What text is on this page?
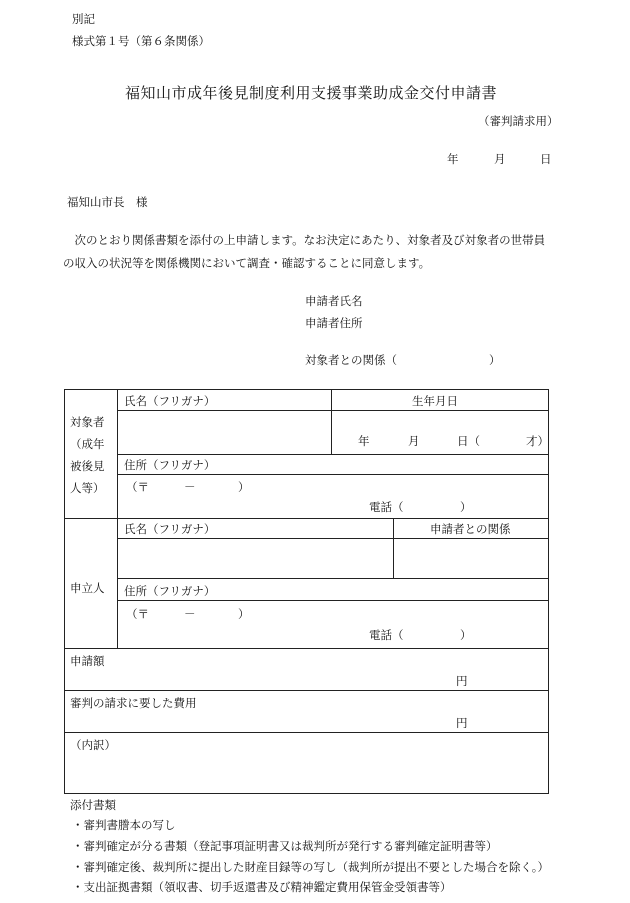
別記
様式第１号（第６条関係）
福知山市成年後見制度利用支援事業助成金交付申請書
（審判請求用）
年	月	日
福知山市長　様
　次のとおり関係書類を添付の上申請します。なお決定にあたり、対象者及び対象者の世帯員の収入の状況等を関係機関において調査・確認することに同意します。
申請者氏名
申請者住所
対象者との関係（	）
対象者
（成年
被後見
人等）
氏名（フリガナ）	生年月日
年	月	日（	才）
住所（フリガナ）
（〒	－	）
電話（	）
申立人
氏名（フリガナ）	申請者との関係
住所（フリガナ）
（〒	－	）
電話（	）
申請額
円
審判の請求に要した費用
円
（内訳）
添付書類
・審判書謄本の写し
・審判確定が分る書類（登記事項証明書又は裁判所が発行する審判確定証明書等）
・審判確定後、裁判所に提出した財産目録等の写し（裁判所が提出不要とした場合を除く。）
・支出証拠書類（領収書、切手返還書及び精神鑑定費用保管金受領書等）
